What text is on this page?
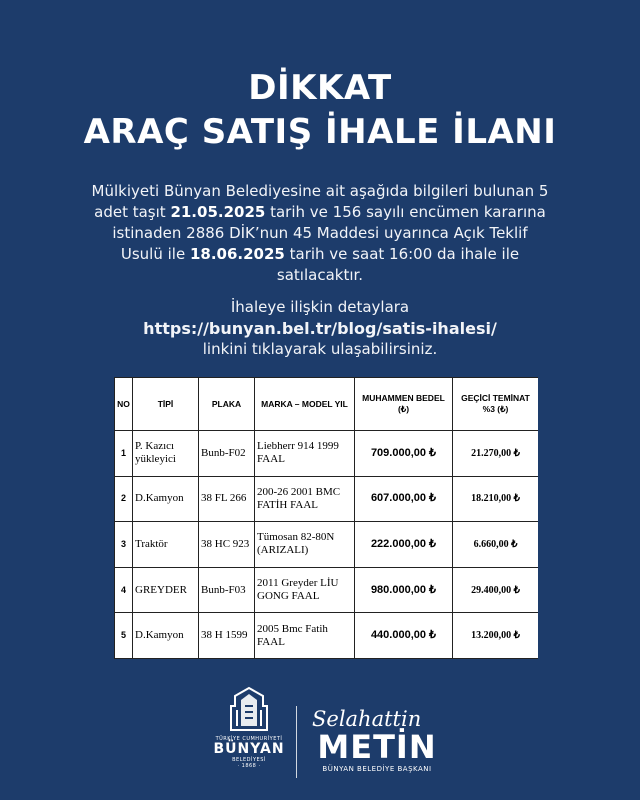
DİKKAT
ARAÇ SATIŞ İHALE İLANI
Mülkiyeti Bünyan Belediyesine ait aşağıda bilgileri bulunan 5 adet taşıt 21.05.2025 tarih ve 156 sayılı encümen kararına istinaden 2886 DİK’nun 45 Maddesi uyarınca Açık Teklif Usulü ile 18.06.2025 tarih ve saat 16:00 da ihale ile satılacaktır.
İhaleye ilişkin detaylara
https://bunyan.bel.tr/blog/satis-ihalesi/
linkini tıklayarak ulaşabilirsiniz.
NO	TİPİ	PLAKA	MARKA – MODEL YIL	MUHAMMEN BEDEL (₺)	GEÇİCİ TEMİNAT %3 (₺)
1	P. Kazıcı yükleyici	Bunb-F02	Liebherr 914 1999 FAAL	709.000,00 ₺	21.270,00 ₺
2	D.Kamyon	38 FL 266	200-26 2001 BMC FATİH FAAL	607.000,00 ₺	18.210,00 ₺
3	Traktör	38 HC 923	Tümosan 82-80N (ARIZALI)	222.000,00 ₺	6.660,00 ₺
4	GREYDER	Bunb-F03	2011 Greyder LİU GONG FAAL	980.000,00 ₺	29.400,00 ₺
5	D.Kamyon	38 H 1599	2005 Bmc Fatih FAAL	440.000,00 ₺	13.200,00 ₺
TÜRKİYE CUMHURİYETİ
BÜNYAN
BELEDİYESİ
· 1868 ·
Selahattin
METİN
BÜNYAN BELEDİYE BAŞKANI
